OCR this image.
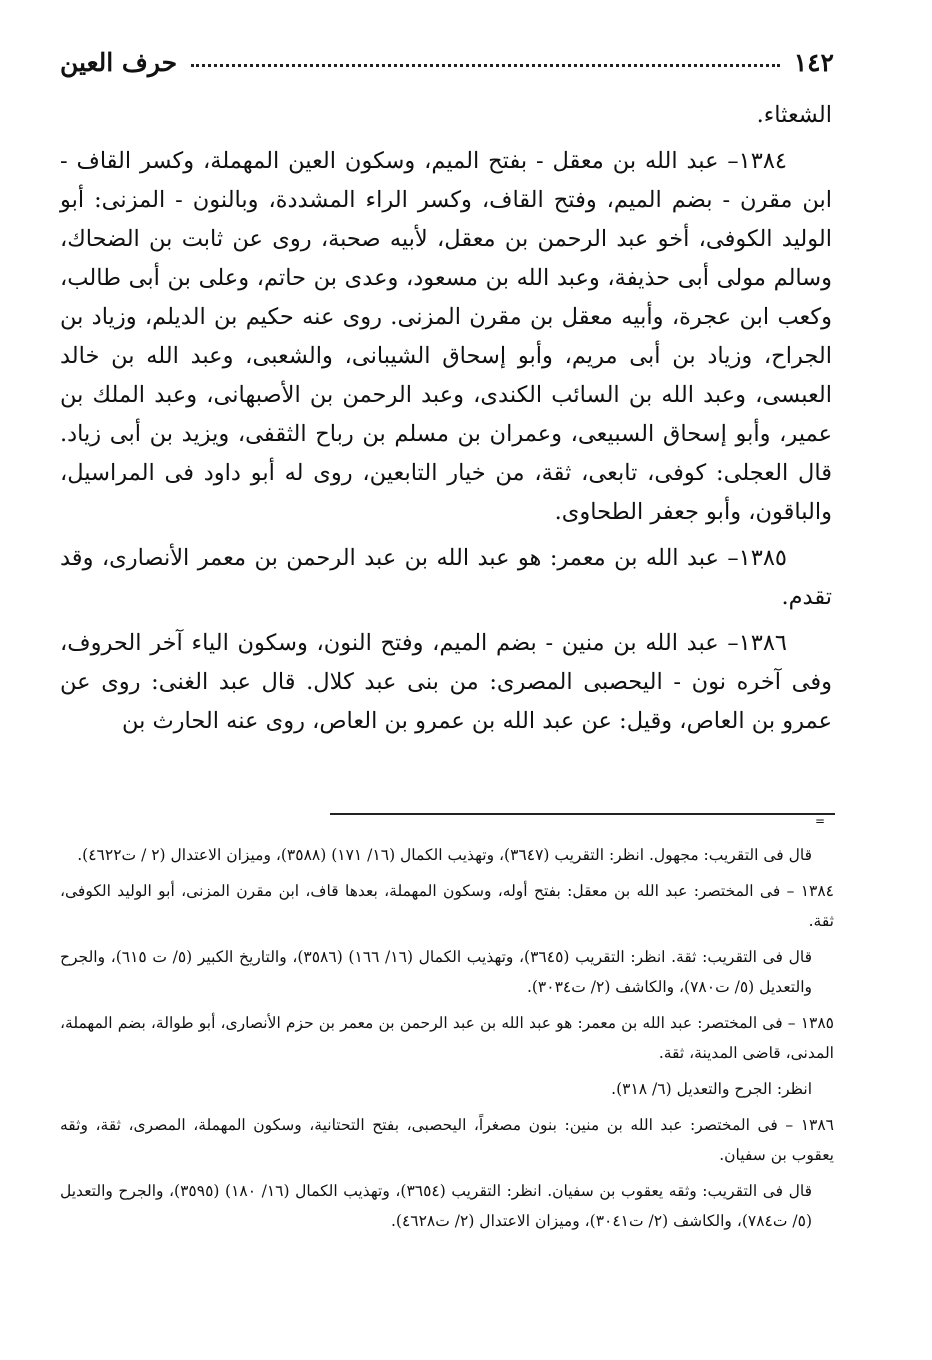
١٤٢
حرف العين

الشعثاء.

١٣٨٤– عبد الله بن معقل - بفتح الميم، وسكون العين المهملة، وكسر القاف - ابن مقرن - بضم الميم، وفتح القاف، وكسر الراء المشددة، وبالنون - المزنى: أبو الوليد الكوفى، أخو عبد الرحمن بن معقل، لأبيه صحبة، روى عن ثابت بن الضحاك، وسالم مولى أبى حذيفة، وعبد الله بن مسعود، وعدى بن حاتم، وعلى بن أبى طالب، وكعب ابن عجرة، وأبيه معقل بن مقرن المزنى. روى عنه حكيم بن الديلم، وزياد بن الجراح، وزياد بن أبى مريم، وأبو إسحاق الشيبانى، والشعبى، وعبد الله بن خالد العبسى، وعبد الله بن السائب الكندى، وعبد الرحمن بن الأصبهانى، وعبد الملك بن عمير، وأبو إسحاق السبيعى، وعمران بن مسلم بن رباح الثقفى، ويزيد بن أبى زياد. قال العجلى: كوفى، تابعى، ثقة، من خيار التابعين، روى له أبو داود فى المراسيل، والباقون، وأبو جعفر الطحاوى.

١٣٨٥– عبد الله بن معمر: هو عبد الله بن عبد الرحمن بن معمر الأنصارى، وقد تقدم.

١٣٨٦– عبد الله بن منين - بضم الميم، وفتح النون، وسكون الياء آخر الحروف، وفى آخره نون - اليحصبى المصرى: من بنى عبد كلال. قال عبد الغنى: روى عن عمرو بن العاص، وقيل: عن عبد الله بن عمرو بن العاص، روى عنه الحارث بن

=

قال فى التقريب: مجهول. انظر: التقريب (٣٦٤٧)، وتهذيب الكمال (١٦/ ١٧١) (٣٥٨٨)، وميزان الاعتدال (٢ / ت٤٦٢٢).

١٣٨٤ – فى المختصر: عبد الله بن معقل: بفتح أوله، وسكون المهملة، بعدها قاف، ابن مقرن المزنى، أبو الوليد الكوفى، ثقة.

قال فى التقريب: ثقة. انظر: التقريب (٣٦٤٥)، وتهذيب الكمال (١٦/ ١٦٦) (٣٥٨٦)، والتاريخ الكبير (٥/ ت ٦١٥)، والجرح والتعديل (٥/ ت٧٨٠)، والكاشف (٢/ ت٣٠٣٤).

١٣٨٥ – فى المختصر: عبد الله بن معمر: هو عبد الله بن عبد الرحمن بن معمر بن حزم الأنصارى، أبو طوالة، بضم المهملة، المدنى، قاضى المدينة، ثقة.

انظر: الجرح والتعديل (٦/ ٣١٨).

١٣٨٦ – فى المختصر: عبد الله بن منين: بنون مصغراً، اليحصبى، بفتح التحتانية، وسكون المهملة، المصرى، ثقة، وثقه يعقوب بن سفيان.

قال فى التقريب: وثقه يعقوب بن سفيان. انظر: التقريب (٣٦٥٤)، وتهذيب الكمال (١٦/ ١٨٠) (٣٥٩٥)، والجرح والتعديل (٥/ ت٧٨٤)، والكاشف (٢/ ت٣٠٤١)، وميزان الاعتدال (٢/ ت٤٦٢٨).
